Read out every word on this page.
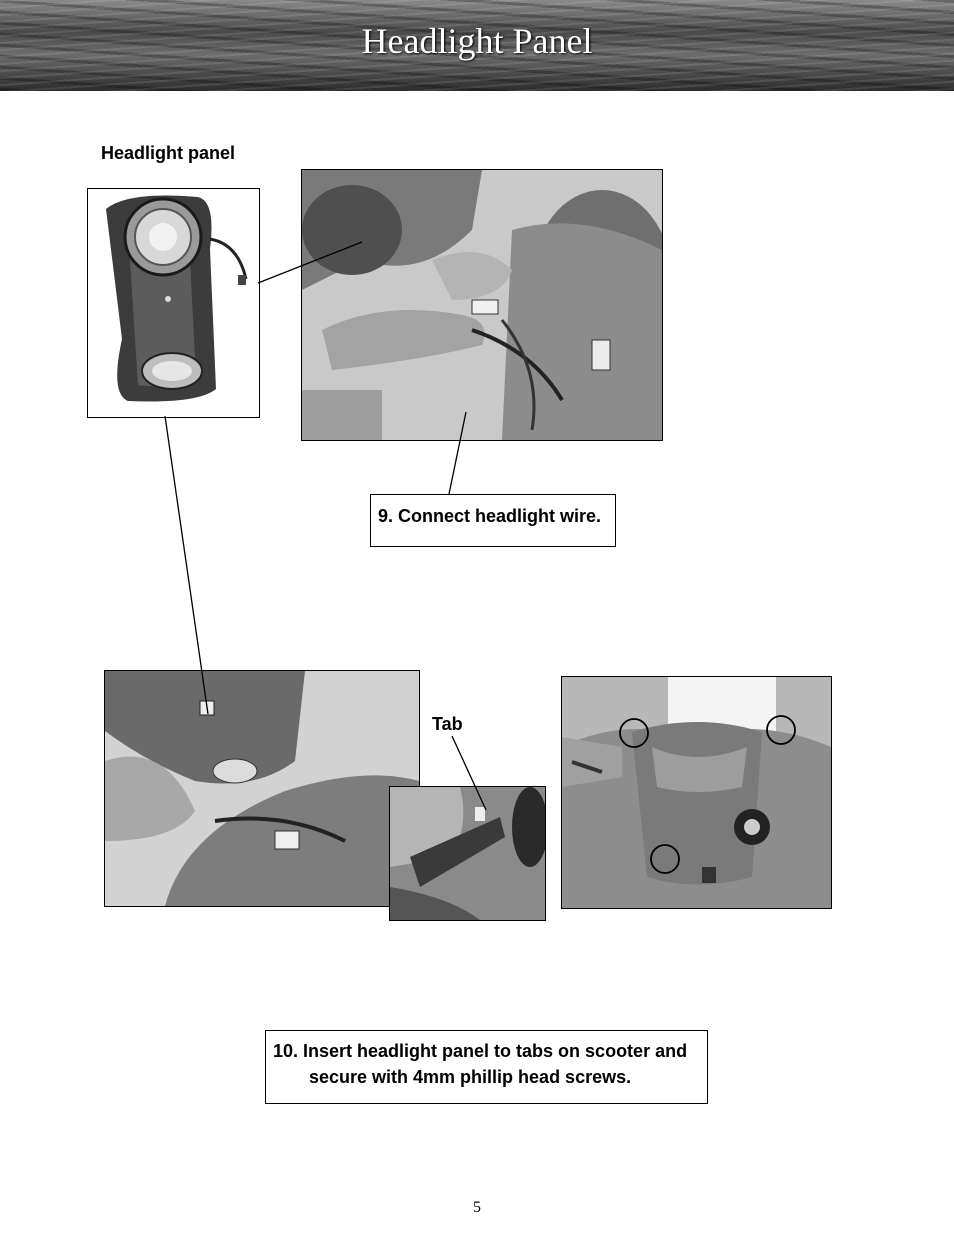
Headlight Panel
Headlight panel
9. Connect headlight wire.
Tab
10. Insert headlight panel to tabs on scooter and
secure with 4mm phillip head screws.
5
